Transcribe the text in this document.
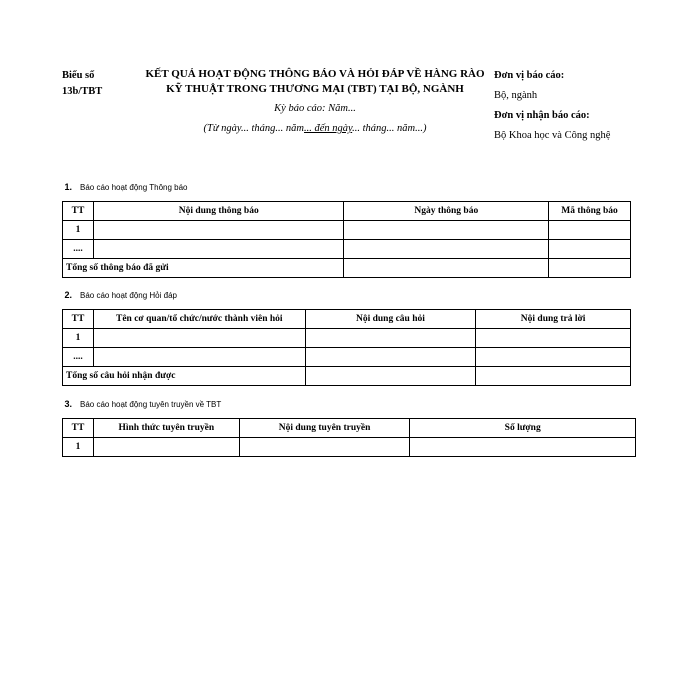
Biểu số
13b/TBT
KẾT QUẢ HOẠT ĐỘNG THÔNG BÁO VÀ HỎI ĐÁP VỀ HÀNG RÀO
KỸ THUẬT TRONG THƯƠNG MẠI (TBT) TẠI BỘ, NGÀNH
Kỳ báo cáo: Năm...
(Từ ngày... tháng... năm... đến ngày... tháng... năm...)
Đơn vị báo cáo:
Bộ, ngành
Đơn vị nhận báo cáo:
Bộ Khoa học và Công nghệ
1. Báo cáo hoạt động Thông báo
TT	Nội dung thông báo	Ngày thông báo	Mã thông báo
1			
....			
Tổng số thông báo đã gửi			
2. Báo cáo hoạt động Hỏi đáp
TT	Tên cơ quan/tổ chức/nước thành viên hỏi	Nội dung câu hỏi	Nội dung trả lời
1			
....			
Tổng số câu hỏi nhận được			
3. Báo cáo hoạt động tuyên truyền về TBT
TT	Hình thức tuyên truyền	Nội dung tuyên truyền	Số lượng
1			
